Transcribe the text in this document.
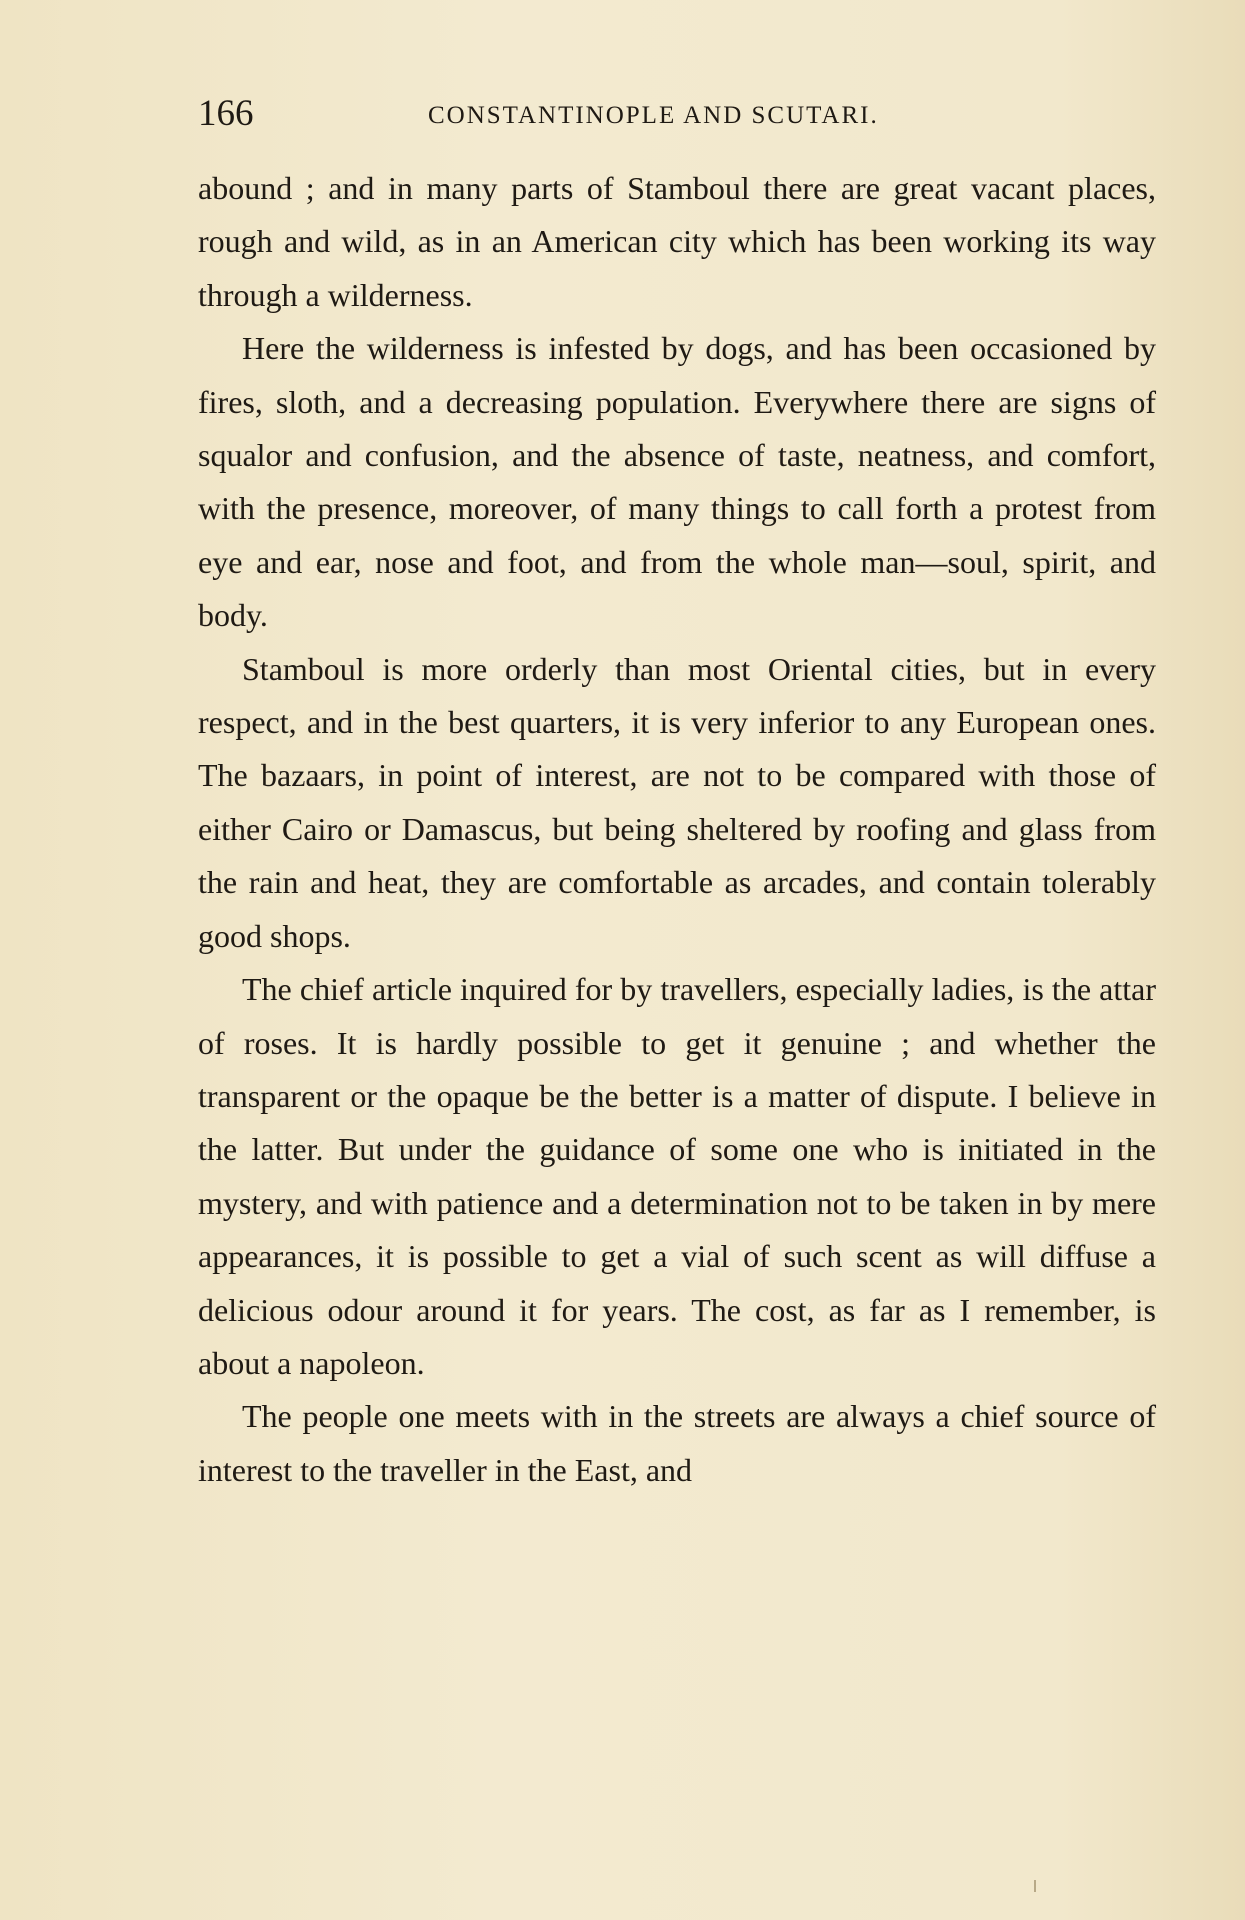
166	CONSTANTINOPLE AND SCUTARI.

abound ; and in many parts of Stamboul there are great vacant places, rough and wild, as in an American city which has been working its way through a wilderness.

Here the wilderness is infested by dogs, and has been occasioned by fires, sloth, and a decreasing population. Everywhere there are signs of squalor and confusion, and the absence of taste, neatness, and comfort, with the presence, moreover, of many things to call forth a protest from eye and ear, nose and foot, and from the whole man—soul, spirit, and body.

Stamboul is more orderly than most Oriental cities, but in every respect, and in the best quarters, it is very inferior to any European ones. The bazaars, in point of interest, are not to be compared with those of either Cairo or Damascus, but being sheltered by roofing and glass from the rain and heat, they are comfortable as arcades, and contain tolerably good shops.

The chief article inquired for by travellers, especially ladies, is the attar of roses. It is hardly possible to get it genuine ; and whether the transparent or the opaque be the better is a matter of dispute. I believe in the latter. But under the guidance of some one who is initiated in the mystery, and with patience and a determination not to be taken in by mere appearances, it is possible to get a vial of such scent as will diffuse a delicious odour around it for years. The cost, as far as I remember, is about a napoleon.

The people one meets with in the streets are always a chief source of interest to the traveller in the East, and
